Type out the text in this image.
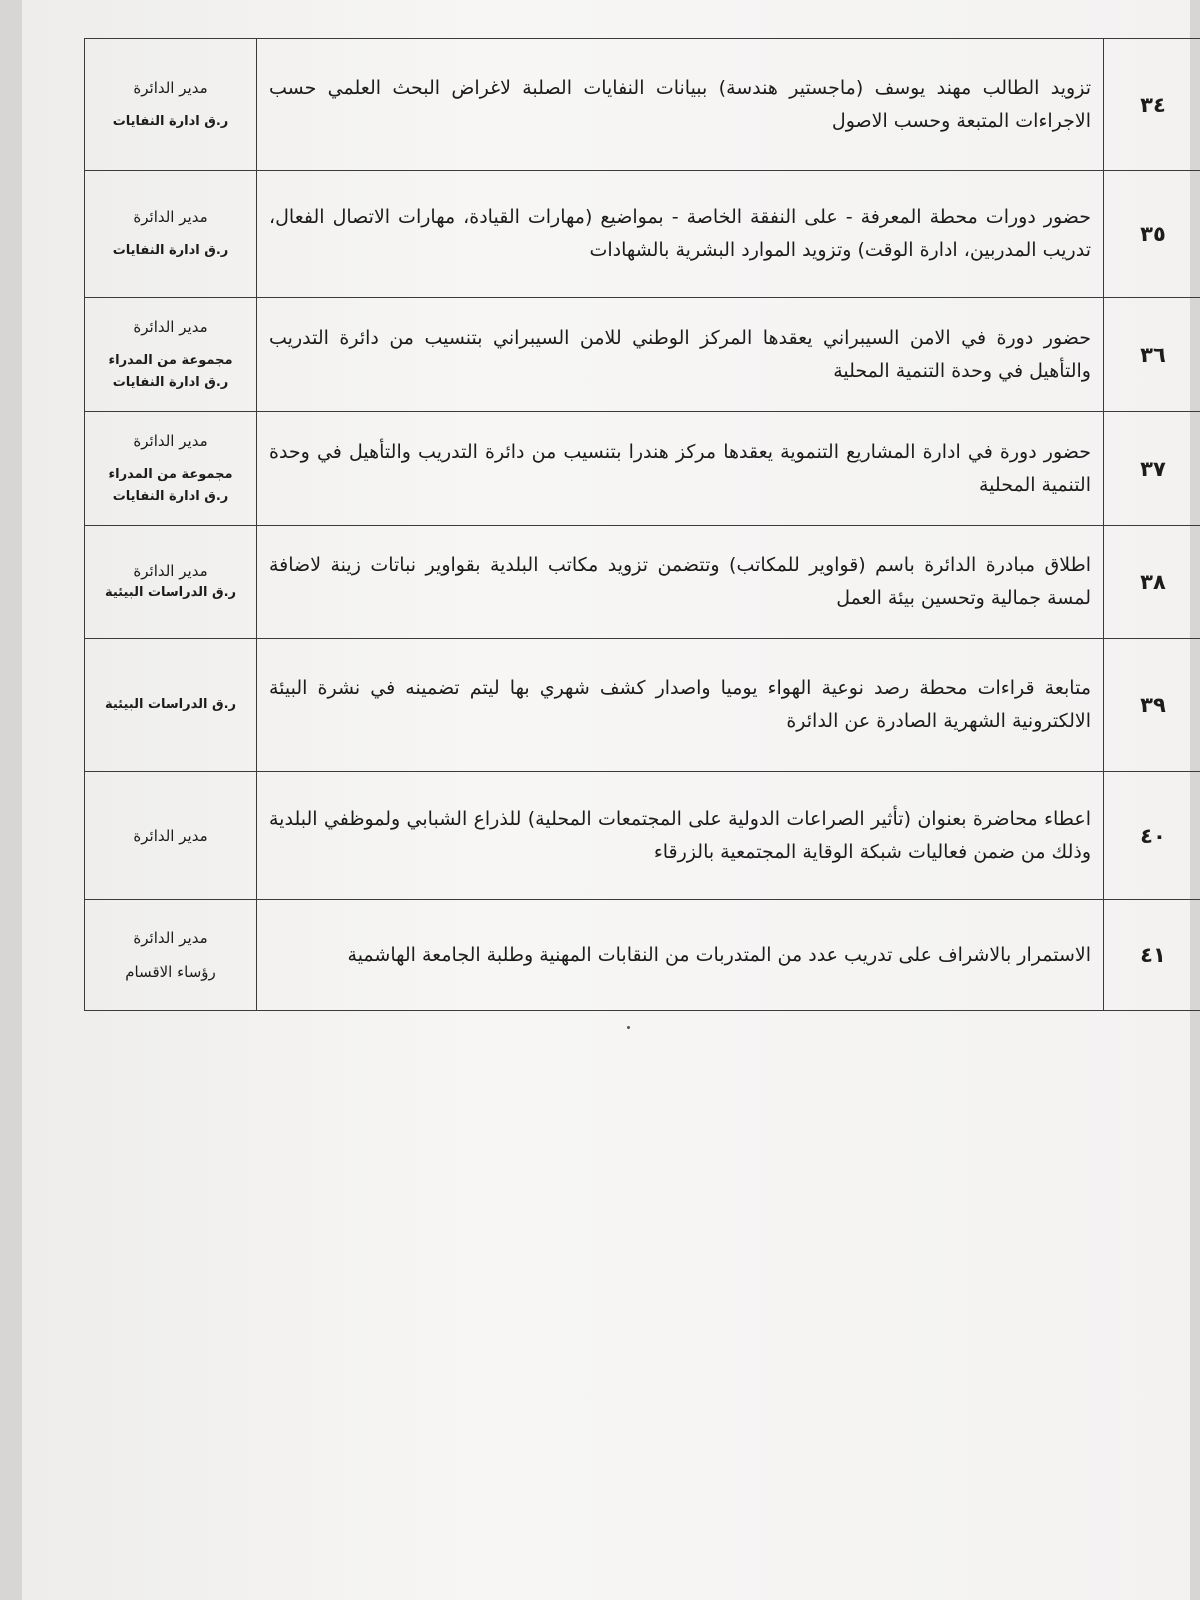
٣٤	تزويد الطالب مهند يوسف (ماجستير هندسة) ببيانات النفايات الصلبة لاغراض البحث العلمي حسب الاجراءات المتبعة وحسب الاصول	مدير الدائرة
ر.ق ادارة النفايات

٣٥	حضور دورات محطة المعرفة - على النفقة الخاصة - بمواضيع (مهارات القيادة، مهارات الاتصال الفعال، تدريب المدربين، ادارة الوقت) وتزويد الموارد البشرية بالشهادات	مدير الدائرة
ر.ق ادارة النفايات

٣٦	حضور دورة في الامن السيبراني يعقدها المركز الوطني للامن السيبراني بتنسيب من دائرة التدريب والتأهيل في وحدة التنمية المحلية	مدير الدائرة
مجموعة من المدراء
ر.ق ادارة النفايات

٣٧	حضور دورة في ادارة المشاريع التنموية يعقدها مركز هندرا بتنسيب من دائرة التدريب والتأهيل في وحدة التنمية المحلية	مدير الدائرة
مجموعة من المدراء
ر.ق ادارة النفايات

٣٨	اطلاق مبادرة الدائرة باسم (قواوير للمكاتب) وتتضمن تزويد مكاتب البلدية بقواوير نباتات زينة لاضافة لمسة جمالية وتحسين بيئة العمل	مدير الدائرة
ر.ق الدراسات البيئية

٣٩	متابعة قراءات محطة رصد نوعية الهواء يوميا واصدار كشف شهري بها ليتم تضمينه في نشرة البيئة الالكترونية الشهرية الصادرة عن الدائرة	ر.ق الدراسات البيئية

٤٠	اعطاء محاضرة بعنوان (تأثير الصراعات الدولية على المجتمعات المحلية) للذراع الشبابي ولموظفي البلدية وذلك من ضمن فعاليات شبكة الوقاية المجتمعية بالزرقاء	مدير الدائرة

٤١	الاستمرار بالاشراف على تدريب عدد من المتدربات من النقابات المهنية وطلبة الجامعة الهاشمية	مدير الدائرة
رؤساء الاقسام
